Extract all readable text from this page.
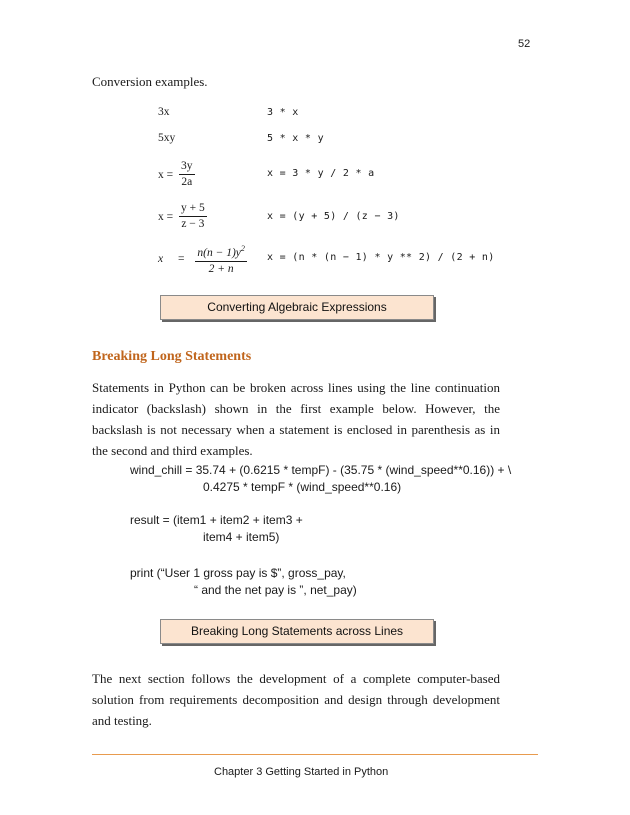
52
Conversion examples.
3x	3 * x
5xy	5 * x * y
$x = \frac{3y}{2a}$	x = 3 * y / 2 * a
$x = \frac{y + 5}{z - 3}$	x = (y + 5) / (z − 3)
$x = \frac{n(n - 1)y^2}{2 + n}$ x = (n * (n − 1) * y ** 2) / (2 + n)
Converting Algebraic Expressions
Breaking Long Statements
Statements in Python can be broken across lines using the line continuation indicator (backslash) shown in the first example below. However, the backslash is not necessary when a statement is enclosed in parenthesis as in the second and third examples.
wind_chill = 35.74 + (0.6215 * tempF) - (35.75 * (wind_speed**0.16)) + \
0.4275 * tempF * (wind_speed**0.16)
result = (item1 + item2 + item3 +
item4 + item5)
print (“User 1 gross pay is $”, gross_pay,
“ and the net pay is ”, net_pay)
Breaking Long Statements across Lines
The next section follows the development of a complete computer-based solution from requirements decomposition and design through development and testing.
Chapter 3 Getting Started in Python
